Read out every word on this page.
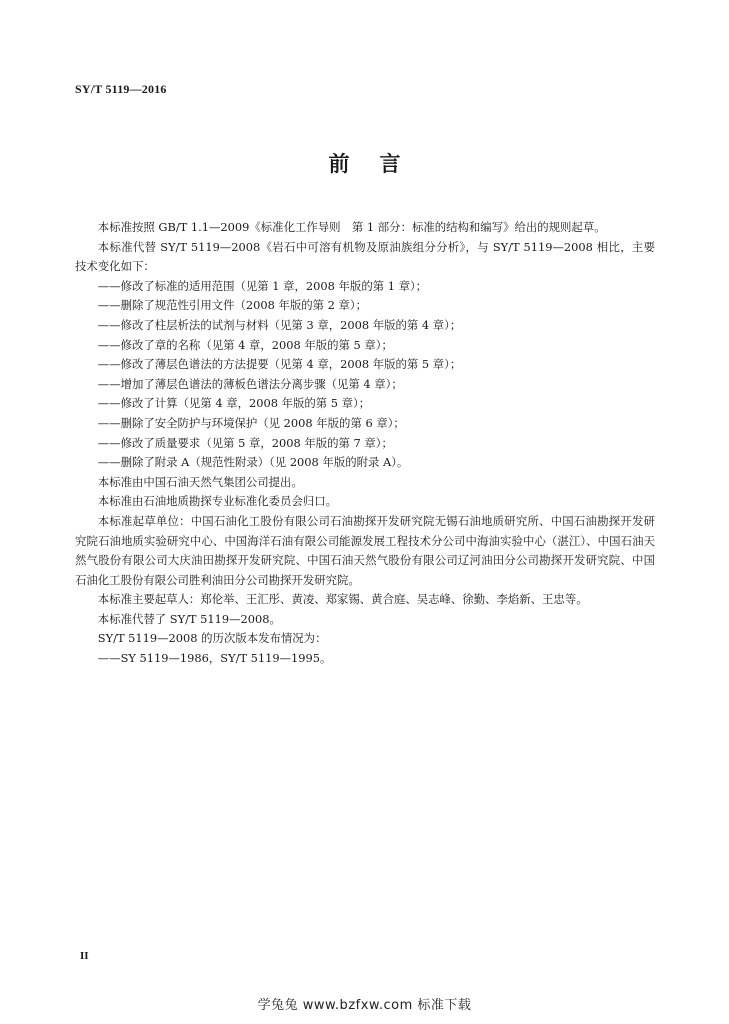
SY/T 5119—2016
前言

本标准按照 GB/T 1.1—2009《标准化工作导则　第 1 部分：标准的结构和编写》给出的规则起草。

本标准代替 SY/T 5119—2008《岩石中可溶有机物及原油族组分分析》，与 SY/T 5119—2008 相比，主要技术变化如下：

——修改了标准的适用范围（见第 1 章，2008 年版的第 1 章）；

——删除了规范性引用文件（2008 年版的第 2 章）；

——修改了柱层析法的试剂与材料（见第 3 章，2008 年版的第 4 章）；

——修改了章的名称（见第 4 章，2008 年版的第 5 章）；

——修改了薄层色谱法的方法提要（见第 4 章，2008 年版的第 5 章）；

——增加了薄层色谱法的薄板色谱法分离步骤（见第 4 章）；

——修改了计算（见第 4 章，2008 年版的第 5 章）；

——删除了安全防护与环境保护（见 2008 年版的第 6 章）；

——修改了质量要求（见第 5 章，2008 年版的第 7 章）；

——删除了附录 A（规范性附录）（见 2008 年版的附录 A）。

本标准由中国石油天然气集团公司提出。

本标准由石油地质勘探专业标准化委员会归口。

本标准起草单位：中国石油化工股份有限公司石油勘探开发研究院无锡石油地质研究所、中国石油勘探开发研究院石油地质实验研究中心、中国海洋石油有限公司能源发展工程技术分公司中海油实验中心（湛江）、中国石油天然气股份有限公司大庆油田勘探开发研究院、中国石油天然气股份有限公司辽河油田分公司勘探开发研究院、中国石油化工股份有限公司胜利油田分公司勘探开发研究院。

本标准主要起草人：郑伦举、王汇彤、黄凌、郑家锡、黄合庭、吴志峰、徐勤、李焰新、王忠等。

本标准代替了 SY/T 5119—2008。

SY/T 5119—2008 的历次版本发布情况为：

——SY 5119—1986，SY/T 5119—1995。

II
学兔兔 www.bzfxw.com 标准下载
